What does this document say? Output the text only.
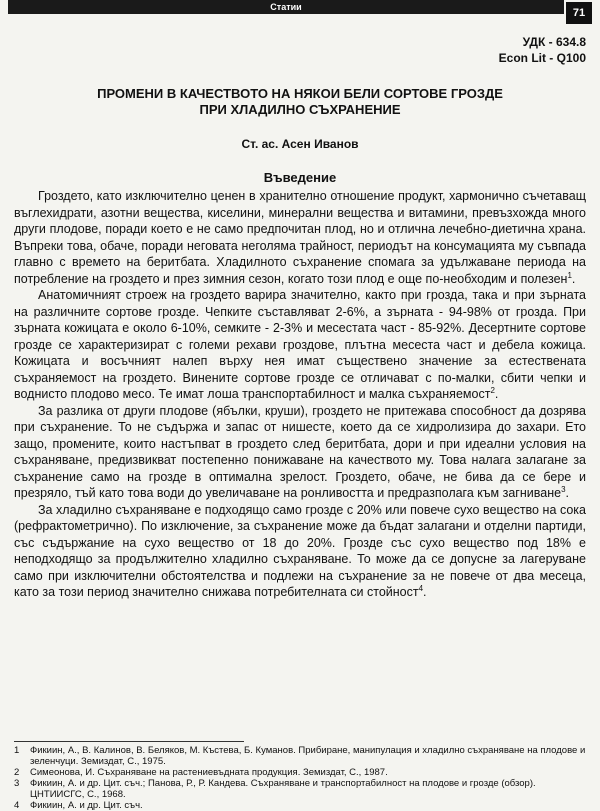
Статии	71
УДК - 634.8
Econ Lit - Q100
ПРОМЕНИ В КАЧЕСТВОТО НА НЯКОИ БЕЛИ СОРТОВЕ ГРОЗДЕ
ПРИ ХЛАДИЛНО СЪХРАНЕНИЕ
Ст. ас. Асен Иванов
Въведение

Гроздето, като изключително ценен в хранително отношение продукт, хармонично съчетаващ въглехидрати, азотни вещества, киселини, минерални вещества и витамини, превъзхожда много други плодове, поради което е не само предпочитан плод, но и отлична лечебно-диетична храна. Въпреки това, обаче, поради неговата неголяма трайност, периодът на консумацията му съвпада главно с времето на беритбата. Хладилното съхранение спомага за удължаване периода на потребление на гроздето и през зимния сезон, когато този плод е още по-необходим и полезен$^1$.

Анатомичният строеж на гроздето варира значително, както при грозда, така и при зърната на различните сортове грозде. Чепките съставляват 2-6%, а зърната - 94-98% от грозда. При зърната кожицата е около 6-10%, семките - 2-3% и месестата част - 85-92%. Десертните сортове грозде се характеризират с големи рехави гроздове, плътна месеста част и дебела кожица. Кожицата и восъчният налеп върху нея имат съществено значение за естествената съхраняемост на гроздето. Винените сортове грозде се отличават с по-малки, сбити чепки и воднисто плодово месо. Те имат лоша транспортабилност и малка съхраняемост$^2$.

За разлика от други плодове (ябълки, круши), гроздето не притежава способност да дозрява при съхранение. То не съдържа и запас от нишесте, което да се хидролизира до захари. Ето защо, промените, които настъпват в гроздето след беритбата, дори и при идеални условия на съхраняване, предизвикват постепенно понижаване на качеството му. Това налага залагане за съхранение само на грозде в оптимална зрелост. Гроздето, обаче, не бива да се бере и презряло, тъй като това води до увеличаване на ронливостта и предразполага към загниване$^3$.

За хладилно съхраняване е подходящо само грозде с 20% или повече сухо вещество на сока (рефрактометрично). По изключение, за съхранение може да бъдат залагани и отделни партиди, със съдържание на сухо вещество от 18 до 20%. Грозде със сухо вещество под 18% е неподходящо за продължително хладилно съхраняване. То може да се допусне за лагеруване само при изключителни обстоятелства и подлежи на съхранение за не повече от два месеца, като за този период значително снижава потребителната си стойност$^4$.

1	Фикиин, А., В. Калинов, В. Беляков, М. Къcтева, Б. Куманов. Прибиране, манипулация и хладилно съхраняване на плодове и зеленчуци. Земиздат, С., 1975.
2	Симеонова, И. Съхраняване на растениевъдната продукция. Земиздат, С., 1987.
3	Фикиин, А. и др. Цит. съч.; Панова, Р., Р. Кандева. Съхраняване и транспортабилност на плодове и грозде (обзор). ЦНТИИСГС, С., 1968.
4	Фикиин, А. и др. Цит. съч.
